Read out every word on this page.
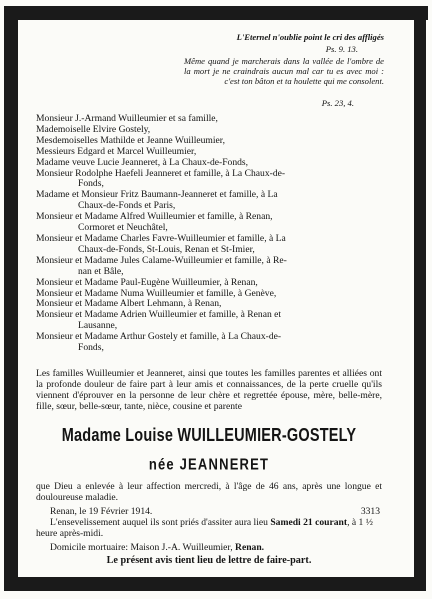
L'Eternel n'oublie point le cri des affligés
Ps. 9. 13.
Même quand je marcherais dans la vallée de l'ombre de la mort je ne craindrais aucun mal car tu es avec moi : c'est ton bâton et ta houlette qui me consolent.
Ps. 23, 4.
Monsieur J.-Armand Wuilleumier et sa famille,
Mademoiselle Elvire Gostely,
Mesdemoiselles Mathilde et Jeanne Wuilleumier,
Messieurs Edgard et Marcel Wuilleumier,
Madame veuve Lucie Jeanneret, à La Chaux-de-Fonds,
Monsieur Rodolphe Haefeli Jeanneret et famille, à La Chaux-de-
Fonds,
Madame et Monsieur Fritz Baumann-Jeanneret et famille, à La
Chaux-de-Fonds et Paris,
Monsieur et Madame Alfred Wuilleumier et famille, à Renan,
Cormoret et Neuchâtel,
Monsieur et Madame Charles Favre-Wuilleumier et famille, à La
Chaux-de-Fonds, St-Louis, Renan et St-Imier,
Monsieur et Madame Jules Calame-Wuilleumier et famille, à Re-
nan et Bâle,
Monsieur et Madame Paul-Eugène Wuilleumier, à Renan,
Monsieur et Madame Numa Wuilleumier et famille, à Genève,
Monsieur et Madame Albert Lehmann, à Renan,
Monsieur et Madame Adrien Wuilleumier et famille, à Renan et
Lausanne,
Monsieur et Madame Arthur Gostely et famille, à La Chaux-de-
Fonds,
Les familles Wuilleumier et Jeanneret, ainsi que toutes les familles parentes et alliées ont la profonde douleur de faire part à leur amis et connaissances, de la perte cruelle qu'ils viennent d'éprouver en la personne de leur chère et regrettée épouse, mère, belle-mère, fille, sœur, belle-sœur, tante, nièce, cousine et parente
Madame Louise WUILLEUMIER-GOSTELY
née JEANNERET
que Dieu a enlevée à leur affection mercredi, à l'âge de 46 ans, après une longue et douloureuse maladie.
3313
Renan, le 19 Février 1914.
L'ensevelissement auquel ils sont priés d'assiter aura lieu Samedi 21 courant, à 1 ½ heure après-midi.
Domicile mortuaire: Maison J.-A. Wuilleumier, Renan.
Le présent avis tient lieu de lettre de faire-part.
